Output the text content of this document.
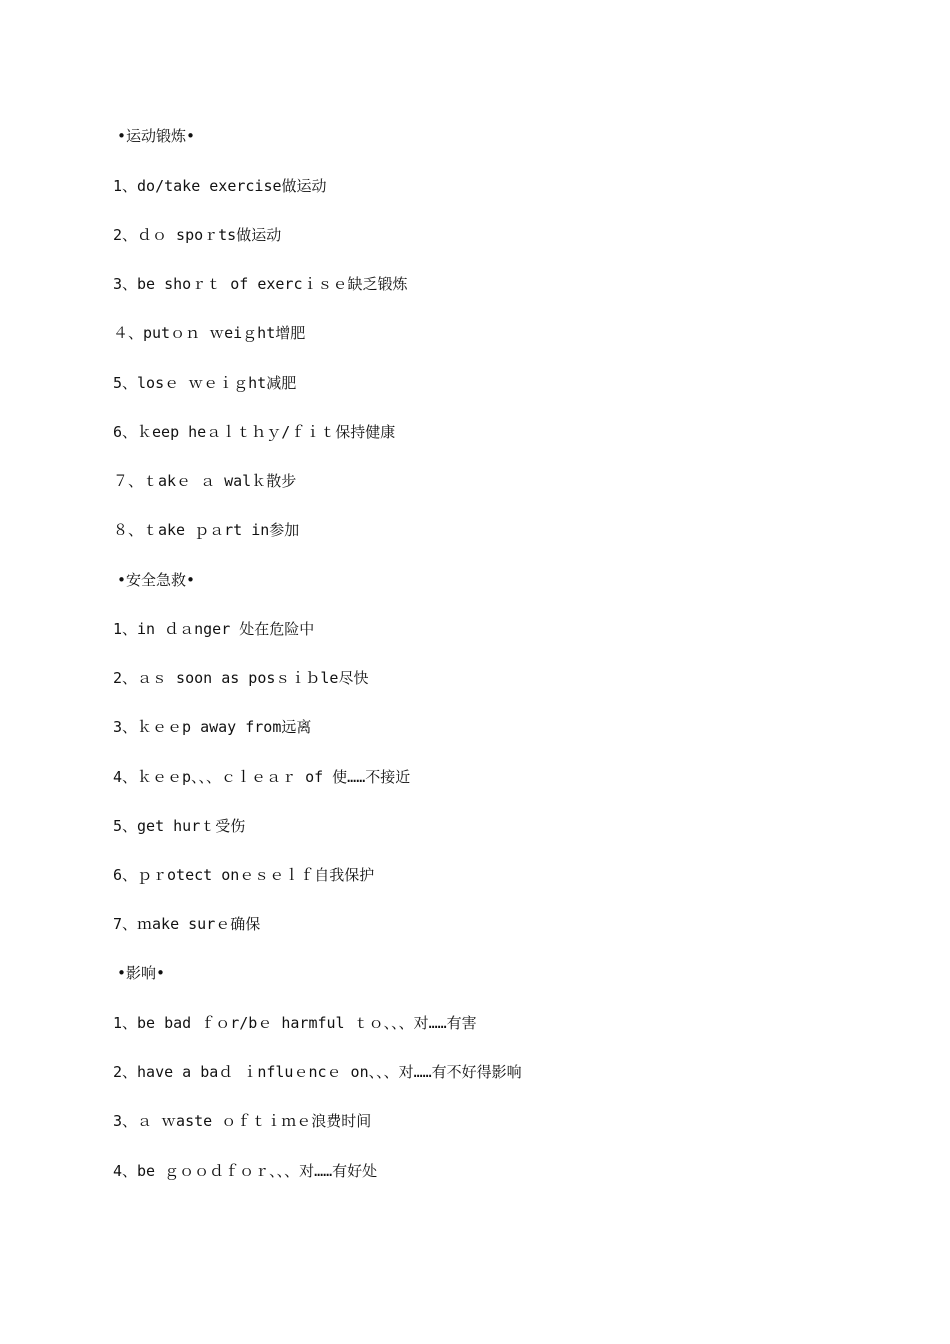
•运动锻炼•
1、do/take exercise做运动
2、ｄｏ spoｒts做运动
3、be shoｒｔ of exercｉｓｅ缺乏锻炼
４、putｏｎ ｗeiｇht增肥
5、losｅ ｗｅｉｇht减肥
6、ｋeep heａｌｔｈｙ/ｆｉｔ保持健康
７、ｔakｅ ａ walｋ散步
８、ｔake ｐａrt in参加
•安全急救•
1、in ｄａnger 处在危险中
2、ａｓ soon as posｓｉｂle尽快
3、ｋｅｅp away from远离
4、ｋｅｅp、、、ｃｌｅａｒ of 使……不接近
5、get hurｔ受伤
6、ｐｒotect onｅｓｅｌｆ自我保护
7、ｍake surｅ确保
•影响•
1、be bad ｆｏr/bｅ harmful ｔｏ、、、对……有害
2、have a baｄ ｉnfluｅncｅ on、、、对……有不好得影响
3、ａ ｗaste ｏｆｔｉｍｅ浪费时间
4、be ｇｏｏｄｆｏｒ、、、对……有好处
